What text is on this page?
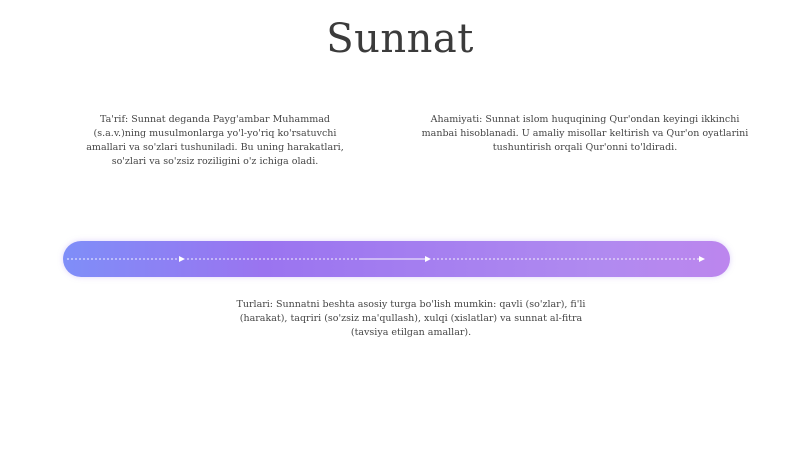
Sunnat

Ta'rif: Sunnat deganda Payg'ambar Muhammad (s.a.v.)ning musulmonlarga yo'l-yo'riq ko'rsatuvchi amallari va so'zlari tushuniladi. Bu uning harakatlari, so'zlari va so'zsiz roziligini o'z ichiga oladi.

Ahamiyati: Sunnat islom huquqining Qur'ondan keyingi ikkinchi manbai hisoblanadi. U amaliy misollar keltirish va Qur'on oyatlarini tushuntirish orqali Qur'onni to'ldiradi.

Turlari: Sunnatni beshta asosiy turga bo'lish mumkin: qavli (so'zlar), fi'li (harakat), taqriri (so'zsiz ma'qullash), xulqi (xislatlar) va sunnat al-fitra (tavsiya etilgan amallar).
